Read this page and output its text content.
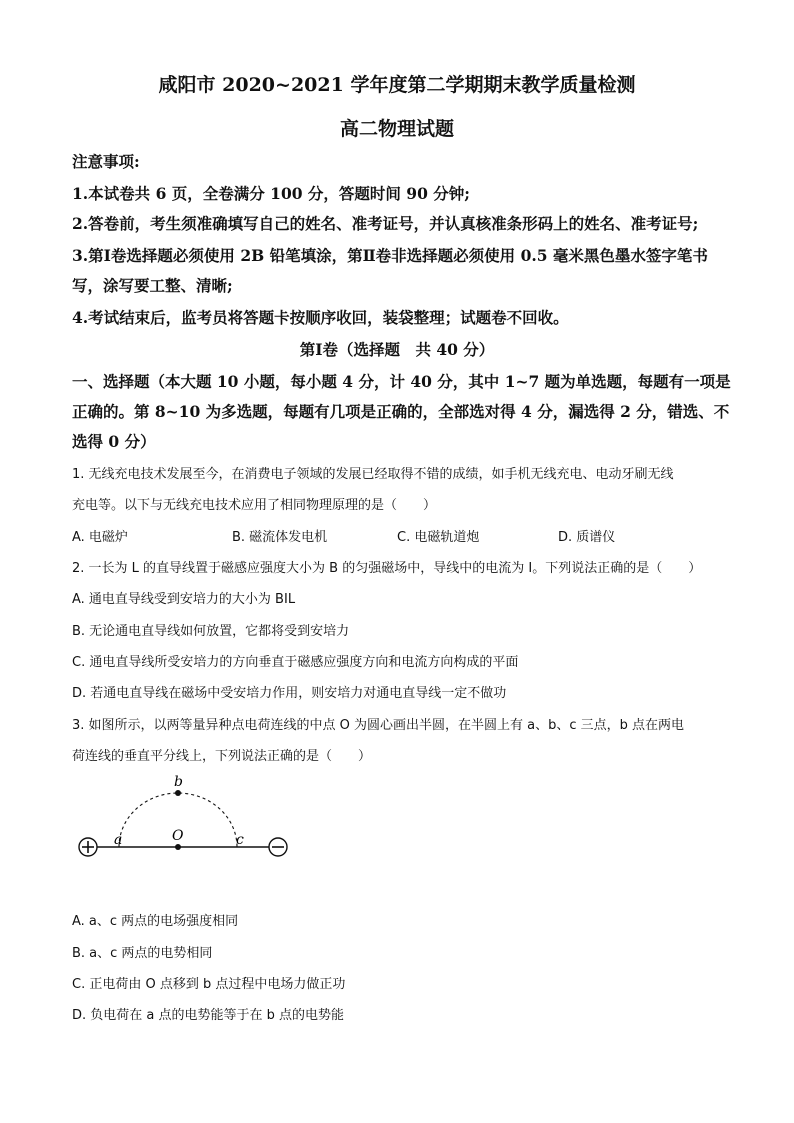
咸阳市 2020~2021 学年度第二学期期末教学质量检测
高二物理试题
注意事项:
1.本试卷共 6 页，全卷满分 100 分，答题时间 90 分钟;
2.答卷前，考生须准确填写自己的姓名、准考证号，并认真核准条形码上的姓名、准考证号;
3.第Ⅰ卷选择题必须使用 2B 铅笔填涂，第Ⅱ卷非选择题必须使用 0.5 毫米黑色墨水签字笔书
写，涂写要工整、清晰;
4.考试结束后，监考员将答题卡按顺序收回，装袋整理；试题卷不回收。
第Ⅰ卷（选择题　共 40 分）
一、选择题（本大题 10 小题，每小题 4 分，计 40 分，其中 1~7 题为单选题，每题有一项是
正确的。第 8~10 为多选题，每题有几项是正确的，全部选对得 4 分，漏选得 2 分，错选、不
选得 0 分）
1. 无线充电技术发展至今，在消费电子领域的发展已经取得不错的成绩，如手机无线充电、电动牙刷无线
充电等。以下与无线充电技术应用了相同物理原理的是（　　）
A. 电磁炉	B. 磁流体发电机	C. 电磁轨道炮	D. 质谱仪
2. 一长为 L 的直导线置于磁感应强度大小为 B 的匀强磁场中，导线中的电流为 I。下列说法正确的是（　　）
A. 通电直导线受到安培力的大小为 BIL
B. 无论通电直导线如何放置，它都将受到安培力
C. 通电直导线所受安培力的方向垂直于磁感应强度方向和电流方向构成的平面
D. 若通电直导线在磁场中受安培力作用，则安培力对通电直导线一定不做功
3. 如图所示，以两等量异种点电荷连线的中点 O 为圆心画出半圆，在半圆上有 a、b、c 三点，b 点在两电
荷连线的垂直平分线上，下列说法正确的是（　　）
b
O
a	c
A. a、c 两点的电场强度相同
B. a、c 两点的电势相同
C. 正电荷由 O 点移到 b 点过程中电场力做正功
D. 负电荷在 a 点的电势能等于在 b 点的电势能
